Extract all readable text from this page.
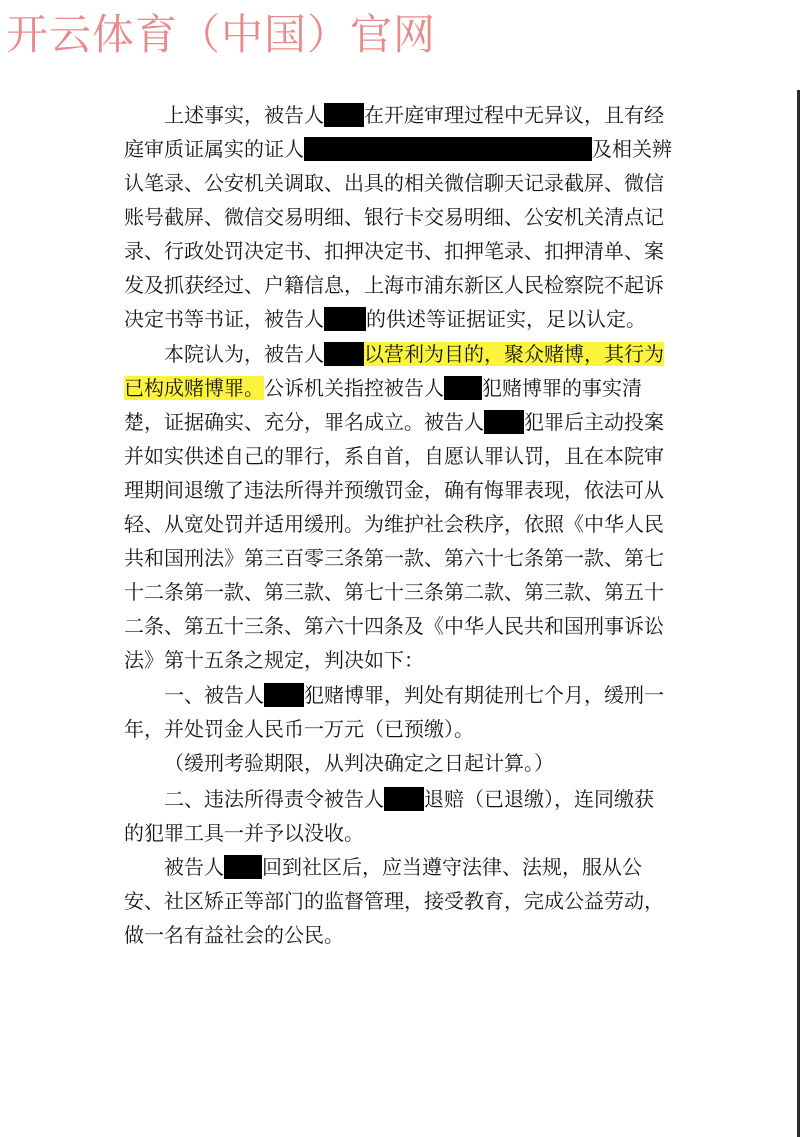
开云体育（中国）官网
上述事实，被告人 在开庭审理过程中无异议，且有经
庭审质证属实的证人	及相关辨
认笔录、公安机关调取、出具的相关微信聊天记录截屏、微信
账号截屏、微信交易明细、银行卡交易明细、公安机关清点记
录、行政处罚决定书、扣押决定书、扣押笔录、扣押清单、案
发及抓获经过、户籍信息，上海市浦东新区人民检察院不起诉
决定书等书证，被告人 的供述等证据证实，足以认定。
本院认为，被告人 以营利为目的，聚众赌博，其行为
已构成赌博罪。公诉机关指控被告人 犯赌博罪的事实清
楚，证据确实、充分，罪名成立。被告人 犯罪后主动投案
并如实供述自己的罪行，系自首，自愿认罪认罚，且在本院审
理期间退缴了违法所得并预缴罚金，确有悔罪表现，依法可从
轻、从宽处罚并适用缓刑。为维护社会秩序，依照《中华人民
共和国刑法》第三百零三条第一款、第六十七条第一款、第七
十二条第一款、第三款、第七十三条第二款、第三款、第五十
二条、第五十三条、第六十四条及《中华人民共和国刑事诉讼
法》第十五条之规定，判决如下：
一、被告人 犯赌博罪，判处有期徒刑七个月，缓刑一
年，并处罚金人民币一万元（已预缴）。
（缓刑考验期限，从判决确定之日起计算。）
二、违法所得责令被告人 退赔（已退缴），连同缴获
的犯罪工具一并予以没收。
被告人 回到社区后，应当遵守法律、法规，服从公
安、社区矫正等部门的监督管理，接受教育，完成公益劳动，
做一名有益社会的公民。
